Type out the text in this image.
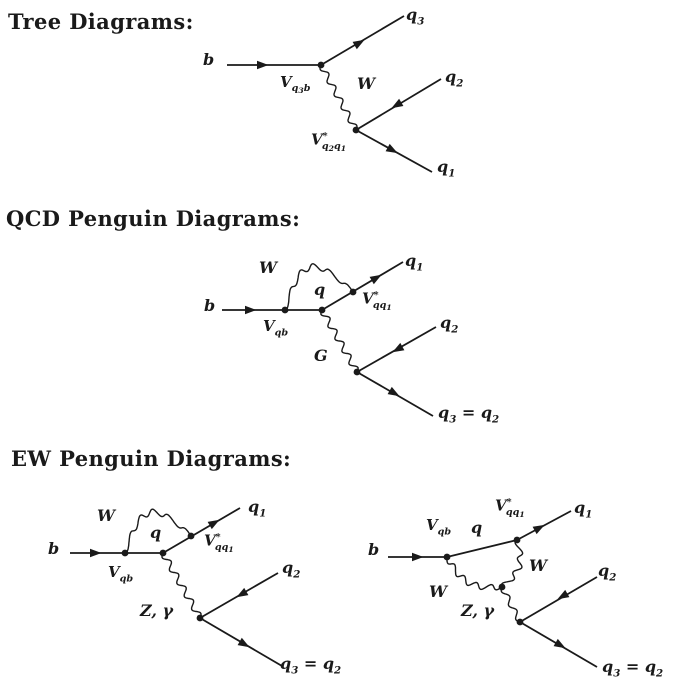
Tree Diagrams:
QCD Penguin Diagrams:
EW Penguin Diagrams:
b
$V_{q_3b}$	W
$q_3$
$q_2$
$V^*_{q_2q_1}$
$q_1$
W
b
q
$V_{qb}$
$V^*_{qq_1}$
$q_1$
G
$q_2$
$q_3 = q_2$
W
b
q
$V_{qb}$
$V^*_{qq_1}$
$q_1$
Z, γ
$q_2$
$q_3 = q_2$
b
$V_{qb}$ q
$V^*_{qq_1}$	$q_1$
W
W
Z, γ
$q_2$
$q_3 = q_2$
